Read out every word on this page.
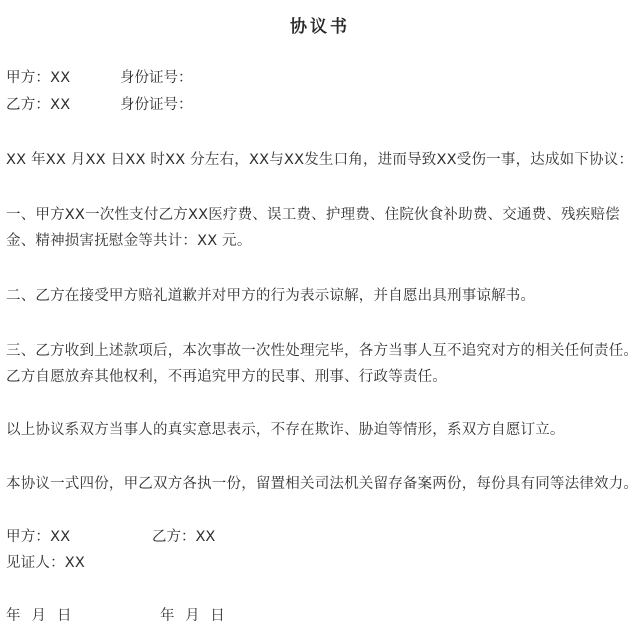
协议书
甲方：XX	身份证号：
乙方：XX	身份证号：
XX 年XX 月XX 日XX 时XX 分左右，XX与XX发生口角，进而导致XX受伤一事，达成如下协议：
一、甲方XX一次性支付乙方XX医疗费、误工费、护理费、住院伙食补助费、交通费、残疾赔偿
金、精神损害抚慰金等共计：XX 元。
二、乙方在接受甲方赔礼道歉并对甲方的行为表示谅解，并自愿出具刑事谅解书。
三、乙方收到上述款项后，本次事故一次性处理完毕，各方当事人互不追究对方的相关任何责任。
乙方自愿放弃其他权利，不再追究甲方的民事、刑事、行政等责任。
以上协议系双方当事人的真实意思表示，不存在欺诈、胁迫等情形，系双方自愿订立。
本协议一式四份，甲乙双方各执一份，留置相关司法机关留存备案两份，每份具有同等法律效力。
甲方：XX	乙方：XX
见证人：XX
年 月 日	年 月 日
